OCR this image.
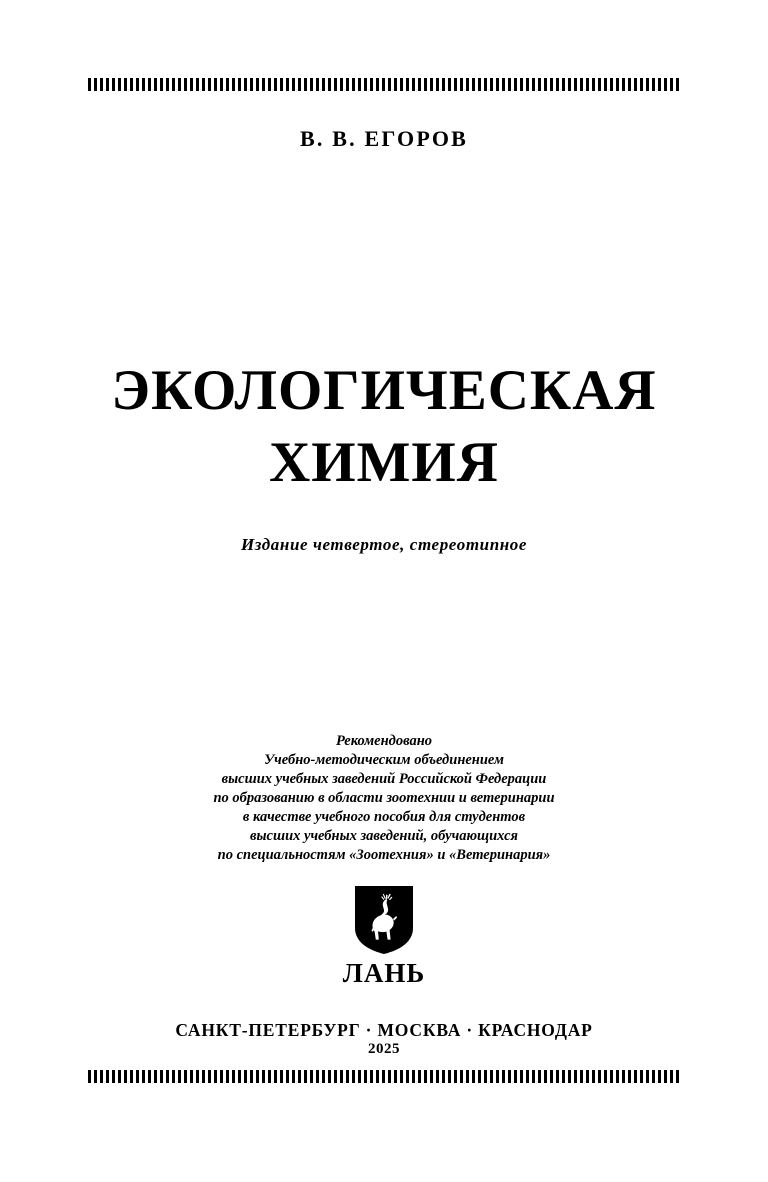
В. В. ЕГОРОВ
ЭКОЛОГИЧЕСКАЯ
ХИМИЯ
Издание четвертое, стереотипное
Рекомендовано
Учебно-методическим объединением
высших учебных заведений Российской Федерации
по образованию в области зоотехнии и ветеринарии
в качестве учебного пособия для студентов
высших учебных заведений, обучающихся
по специальностям «Зоотехния» и «Ветеринария»
ЛАНЬ
САНКТ-ПЕТЕРБУРГ · МОСКВА · КРАСНОДАР
2025
